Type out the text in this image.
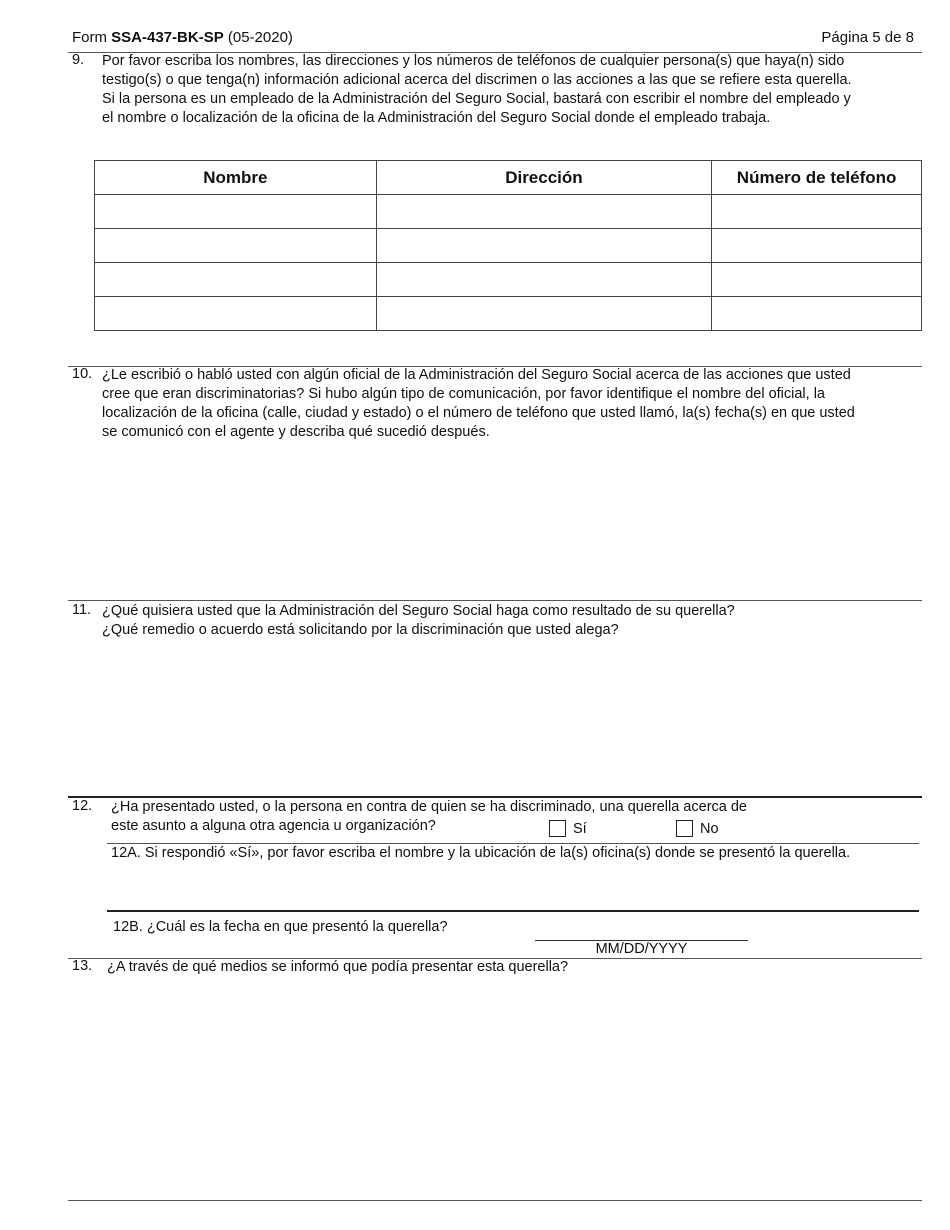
Form SSA-437-BK-SP (05-2020)	Página 5 de 8
9. Por favor escriba los nombres, las direcciones y los números de teléfonos de cualquier persona(s) que haya(n) sido
testigo(s) o que tenga(n) información adicional acerca del discrimen o las acciones a las que se refiere esta querella.
Si la persona es un empleado de la Administración del Seguro Social, bastará con escribir el nombre del empleado y
el nombre o localización de la oficina de la Administración del Seguro Social donde el empleado trabaja.
Nombre	Dirección	Número de teléfono

10. ¿Le escribió o habló usted con algún oficial de la Administración del Seguro Social acerca de las acciones que usted
cree que eran discriminatorias? Si hubo algún tipo de comunicación, por favor identifique el nombre del oficial, la
localización de la oficina (calle, ciudad y estado) o el número de teléfono que usted llamó, la(s) fecha(s) en que usted
se comunicó con el agente y describa qué sucedió después.
11. ¿Qué quisiera usted que la Administración del Seguro Social haga como resultado de su querella?
¿Qué remedio o acuerdo está solicitando por la discriminación que usted alega?
12. ¿Ha presentado usted, o la persona en contra de quien se ha discriminado, una querella acerca de
este asunto a alguna otra agencia u organización?	Sí	No
12A. Si respondió «Sí», por favor escriba el nombre y la ubicación de la(s) oficina(s) donde se presentó la querella.
12B. ¿Cuál es la fecha en que presentó la querella?
MM/DD/YYYY
13. ¿A través de qué medios se informó que podía presentar esta querella?
